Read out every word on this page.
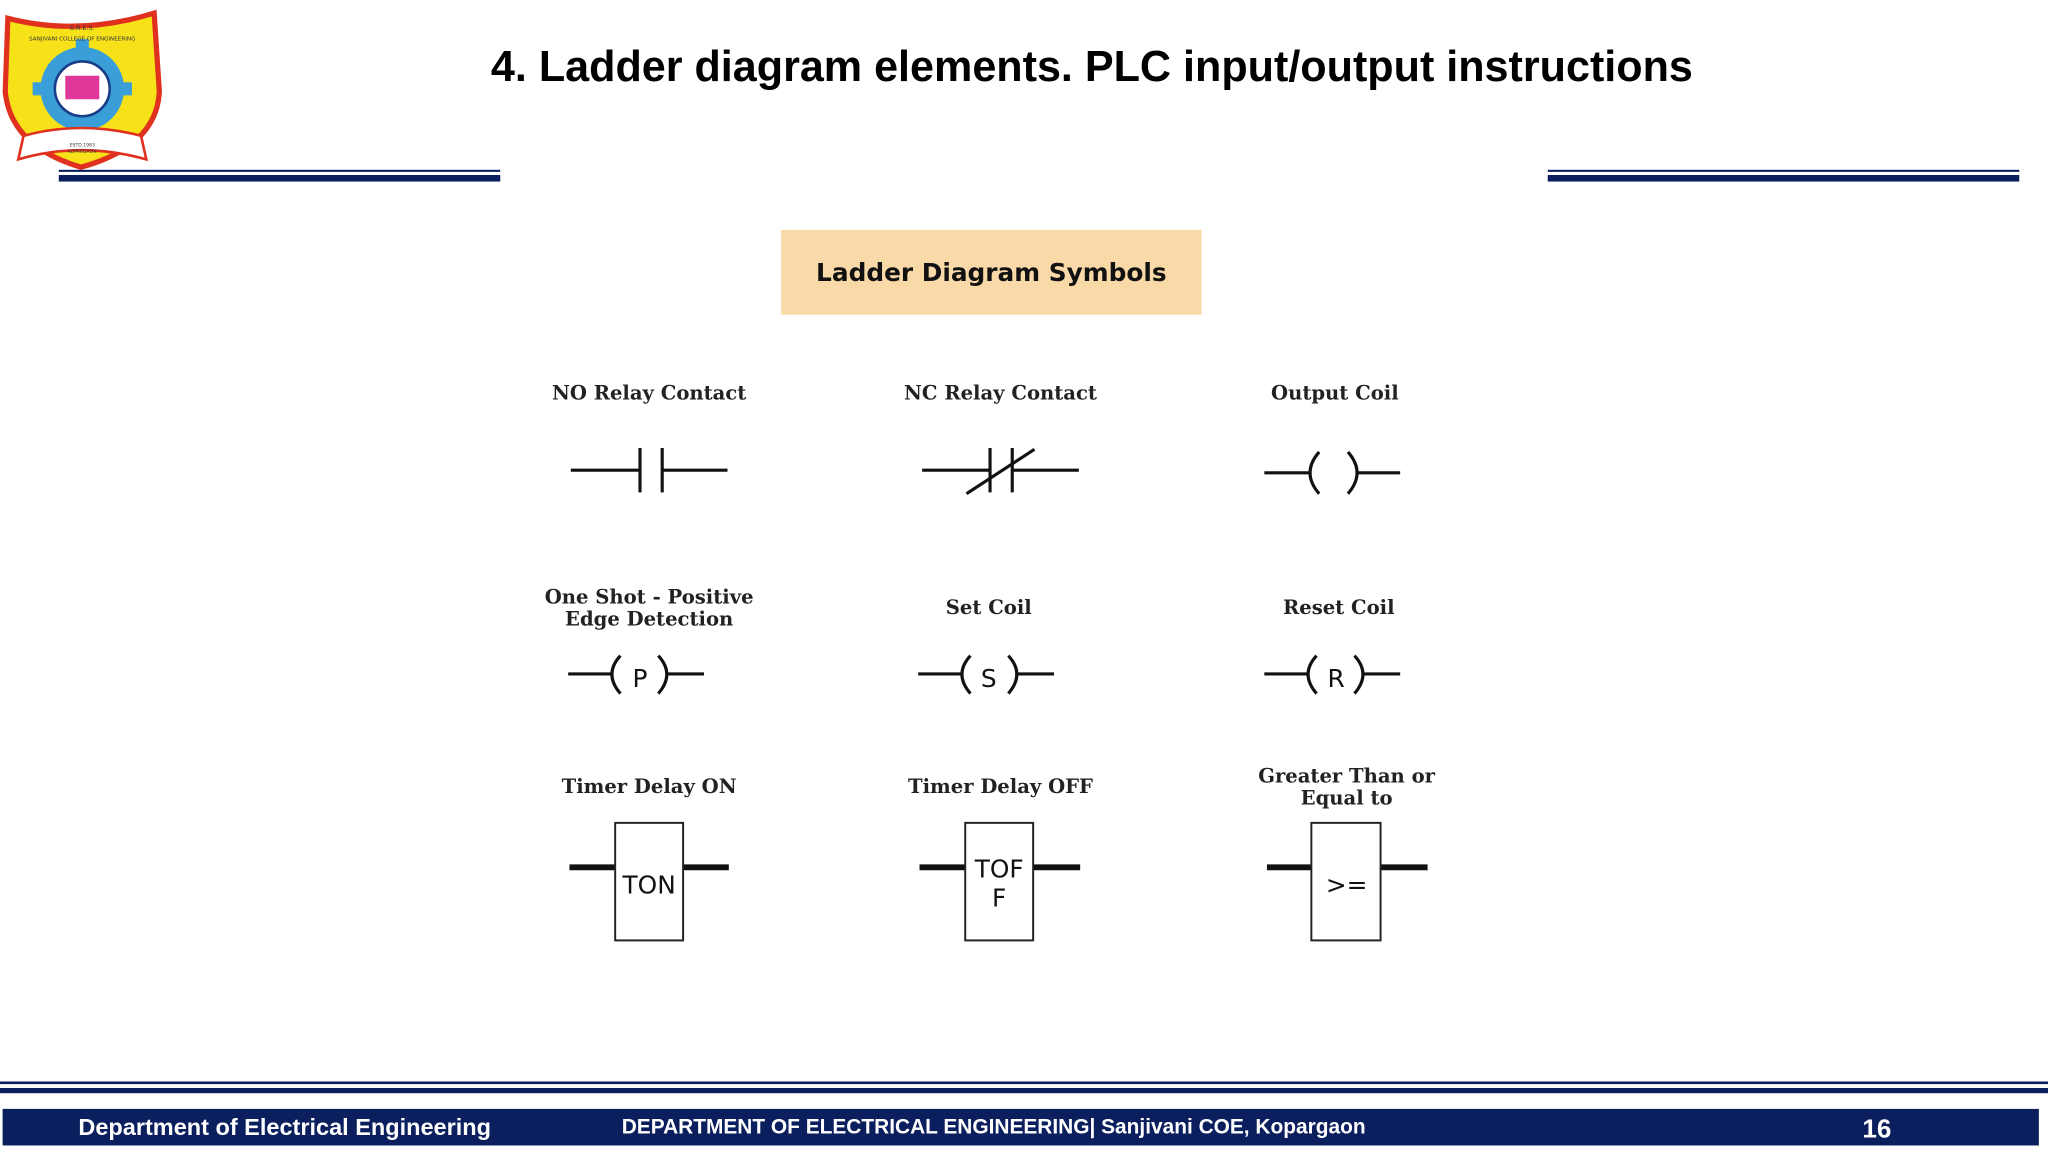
S.R.E.S.
SANJIVANI COLLEGE OF ENGINEERING
ESTD.1983
KOPARGAON
4. Ladder diagram elements. PLC input/output instructions
Ladder Diagram Symbols
NO Relay Contact	NC Relay Contact	Output Coil
One Shot - Positive
Edge Detection
Set Coil	Reset Coil
P	S	R
Timer Delay ON	Timer Delay OFF	Greater Than or
Equal to
TON
TOF
F	>=
Department of Electrical Engineering	DEPARTMENT OF ELECTRICAL ENGINEERING| Sanjivani COE, Kopargaon	16
